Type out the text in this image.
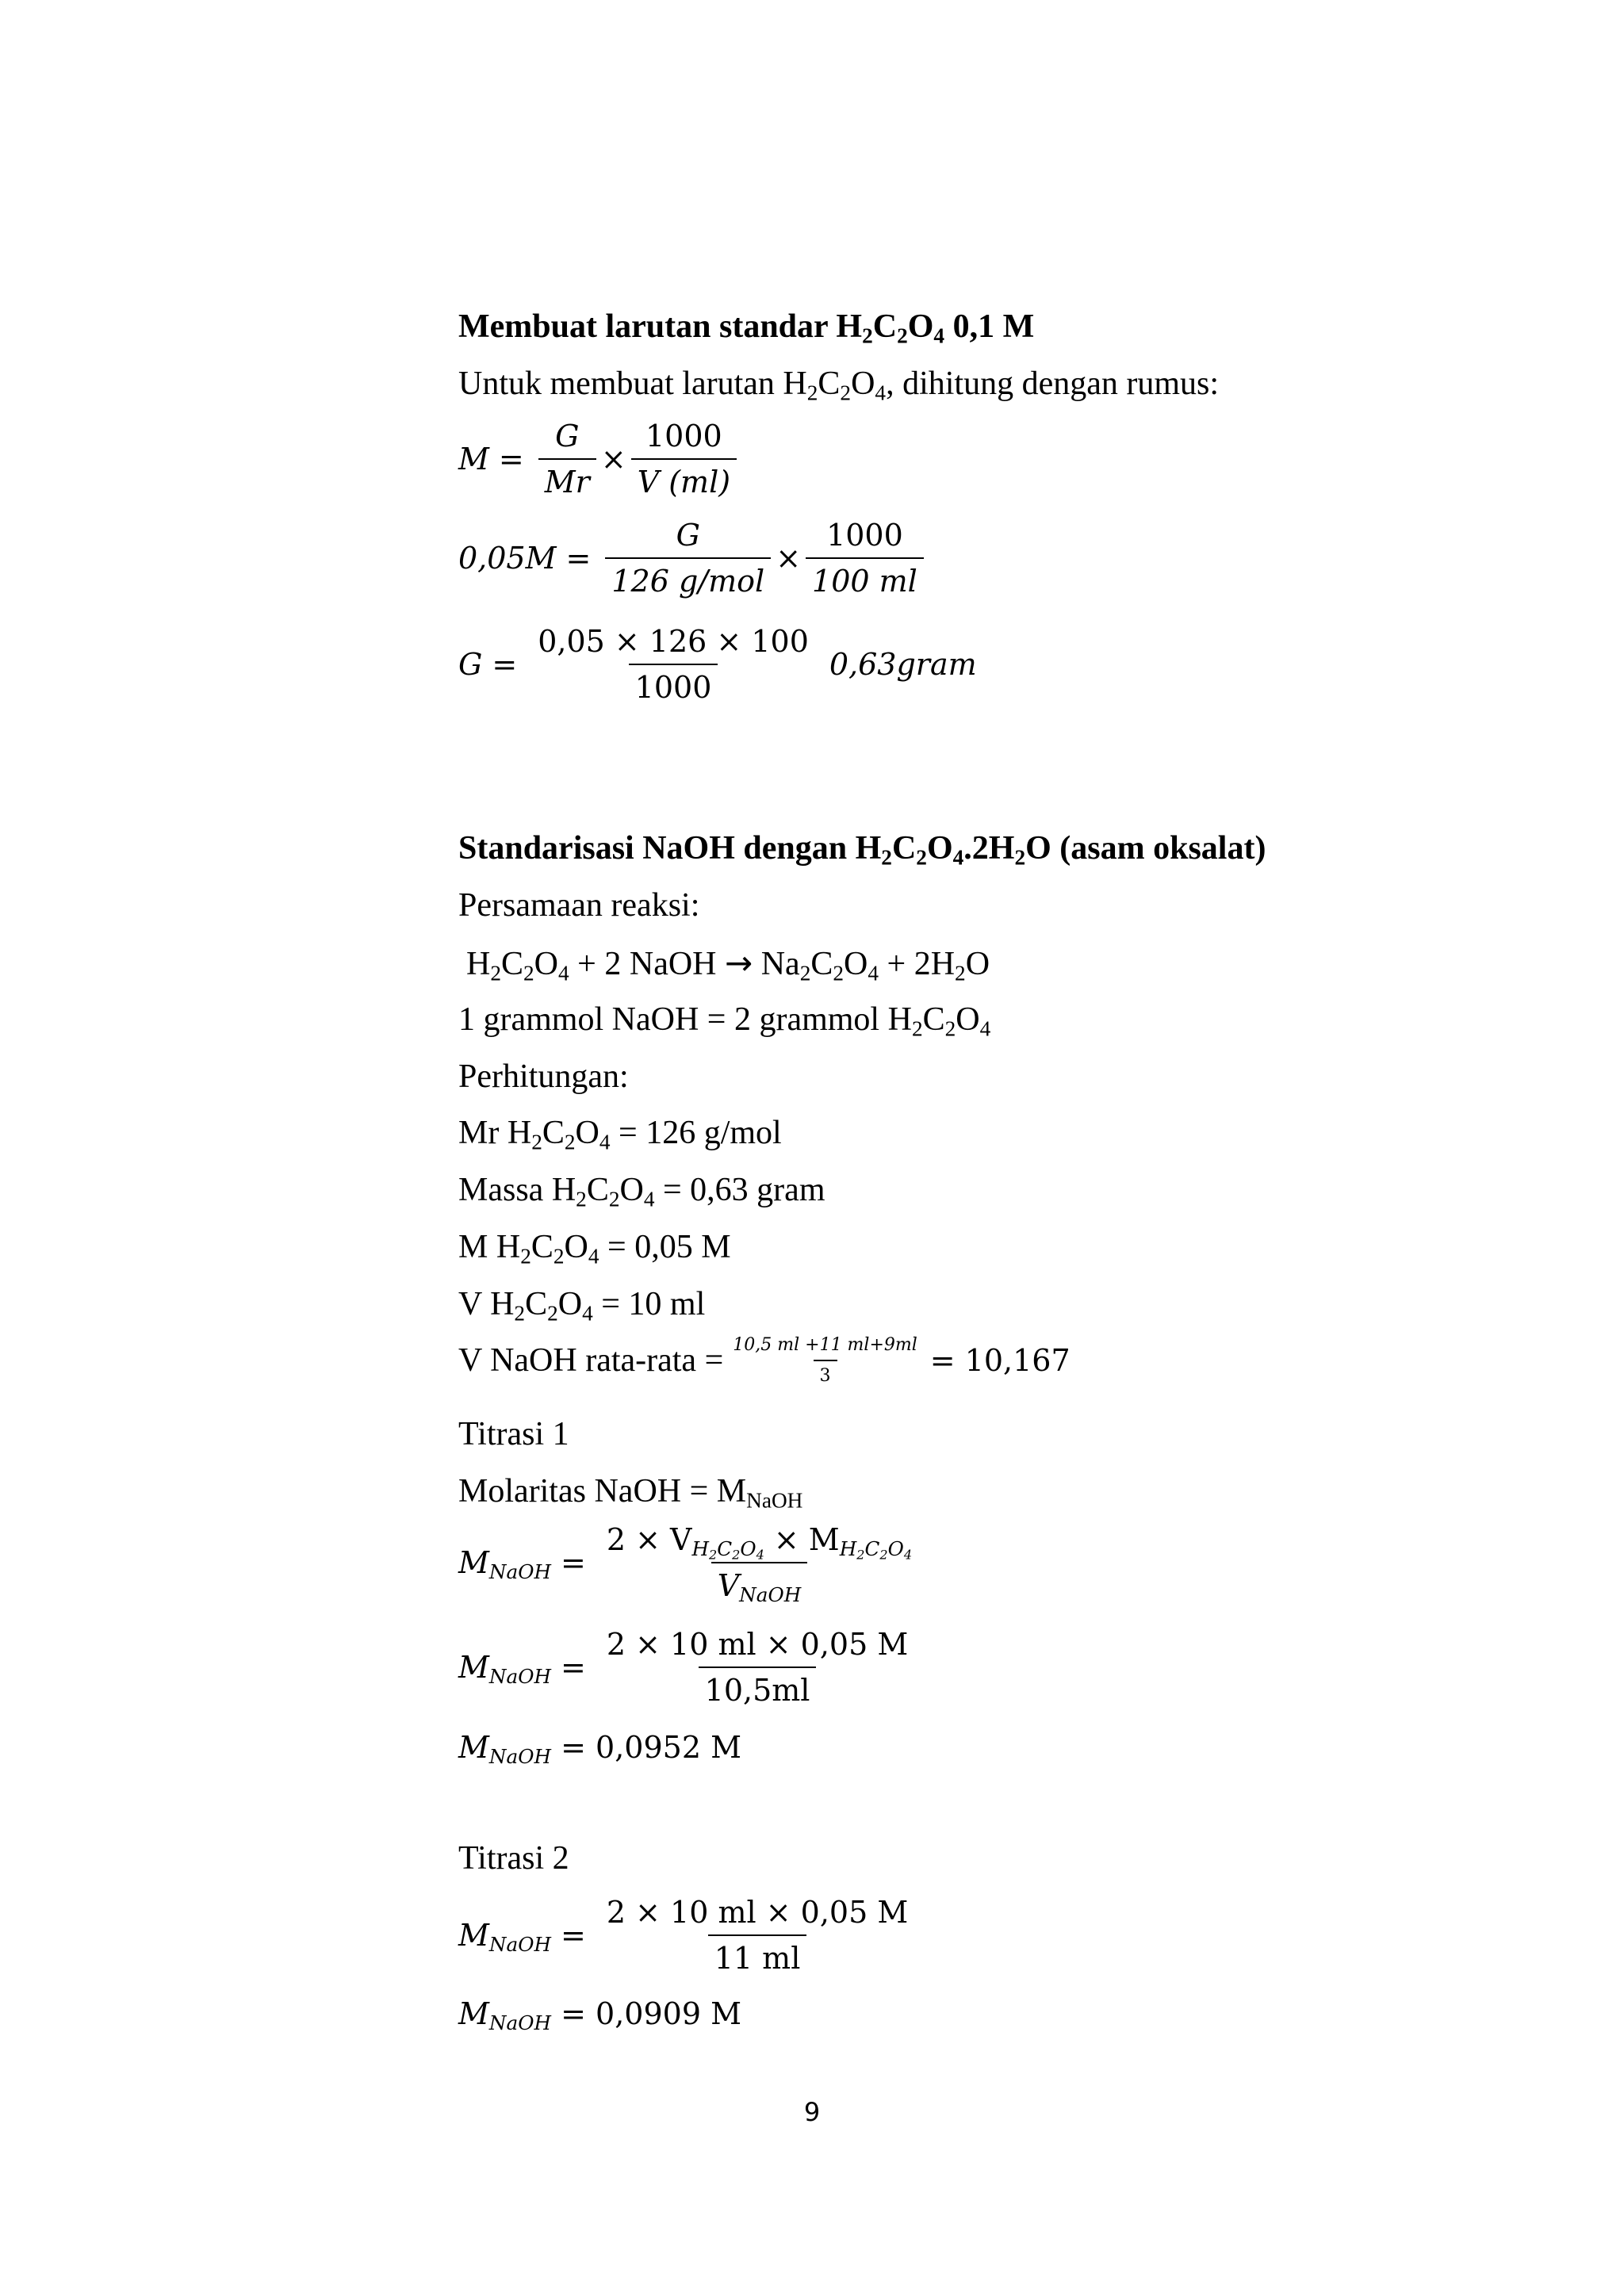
Membuat larutan standar $H_2C_2O_4$ 0,1 M
Untuk membuat larutan $H_2C_2O_4$, dihitung dengan rumus:
$M = \frac{G}{Mr} \times \frac{1000}{V (ml)}$
$0,05M = \frac{G}{\text{126 g/mol}} \times \frac{1000}{100 ml}$
$G = \frac{0,05 \times 126 \times 100}{1000}$ 0,63gram
Standarisasi NaOH dengan $H_2C_2O_4.2H_2O$ (asam oksalat)
Persamaan reaksi:
$H_2C_2O_4 + 2$ NaOH → $Na_2C_2O_4 + 2H_2O$
1 grammol NaOH = 2 grammol $H_2C_2O_4$
Perhitungan:
Mr $H_2C_2O_4 = 126$ g/mol
Massa $H_2C_2O_4 = 0,63$ gram
M $H_2C_2O_4 = 0,05$ M
V $H_2C_2O_4 = 10$ ml
V NaOH rata-rata = $\frac{10,5 ml +11 ml+9ml}{3} = 10,167$
Titrasi 1
Molaritas NaOH = $M_{NaOH}$
$M_{NaOH} = \frac{2 \times V_{H_2C_2O_4} \times M_{H_2C_2O_4}}{V_{NaOH}}$
$M_{NaOH} = \frac{2 \times 10 ml \times 0,05 M}{10,5ml}$
$M_{NaOH} = 0,0952$ M
Titrasi 2
$M_{NaOH} = \frac{2 \times 10 ml \times 0,05 M}{11 ml}$
$M_{NaOH} = 0,0909$ M
9
